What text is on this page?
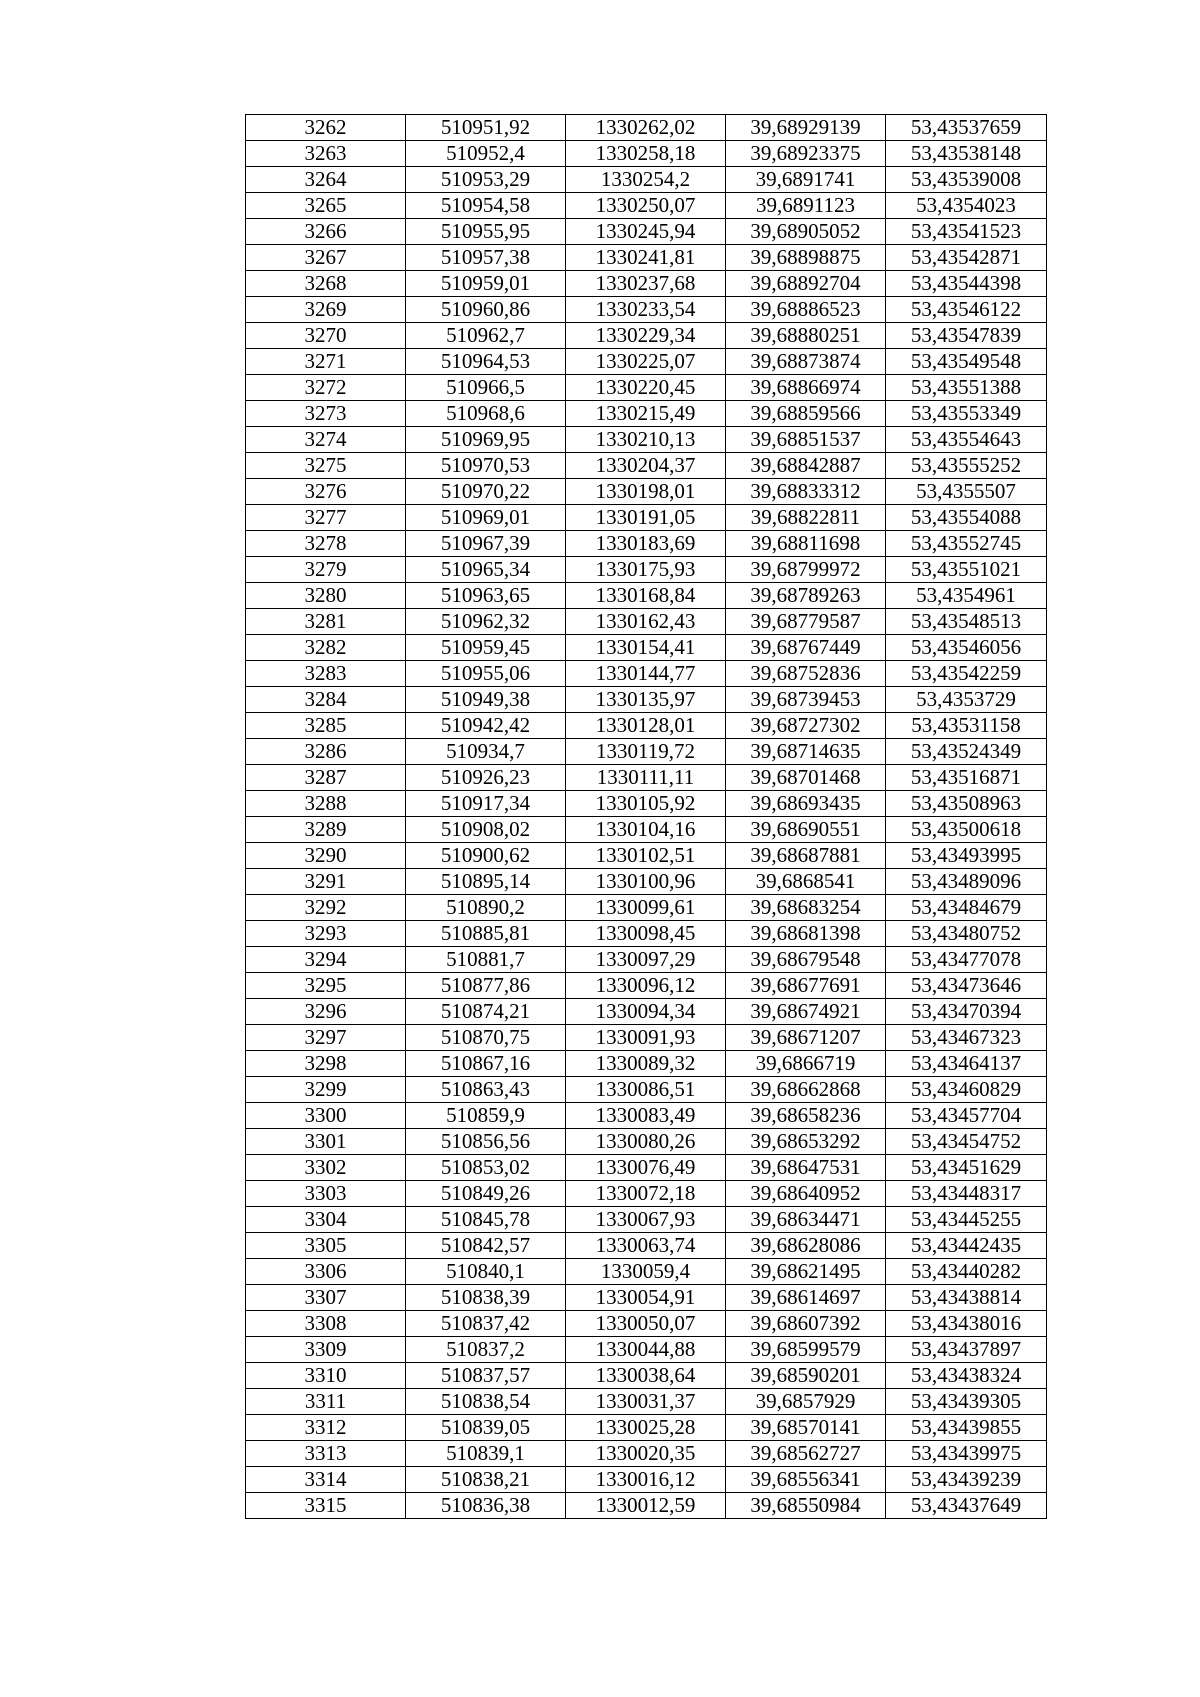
3262	510951,92	1330262,02	39,68929139	53,43537659
3263	510952,4	1330258,18	39,68923375	53,43538148
3264	510953,29	1330254,2	39,6891741	53,43539008
3265	510954,58	1330250,07	39,6891123	53,4354023
3266	510955,95	1330245,94	39,68905052	53,43541523
3267	510957,38	1330241,81	39,68898875	53,43542871
3268	510959,01	1330237,68	39,68892704	53,43544398
3269	510960,86	1330233,54	39,68886523	53,43546122
3270	510962,7	1330229,34	39,68880251	53,43547839
3271	510964,53	1330225,07	39,68873874	53,43549548
3272	510966,5	1330220,45	39,68866974	53,43551388
3273	510968,6	1330215,49	39,68859566	53,43553349
3274	510969,95	1330210,13	39,68851537	53,43554643
3275	510970,53	1330204,37	39,68842887	53,43555252
3276	510970,22	1330198,01	39,68833312	53,4355507
3277	510969,01	1330191,05	39,68822811	53,43554088
3278	510967,39	1330183,69	39,68811698	53,43552745
3279	510965,34	1330175,93	39,68799972	53,43551021
3280	510963,65	1330168,84	39,68789263	53,4354961
3281	510962,32	1330162,43	39,68779587	53,43548513
3282	510959,45	1330154,41	39,68767449	53,43546056
3283	510955,06	1330144,77	39,68752836	53,43542259
3284	510949,38	1330135,97	39,68739453	53,4353729
3285	510942,42	1330128,01	39,68727302	53,43531158
3286	510934,7	1330119,72	39,68714635	53,43524349
3287	510926,23	1330111,11	39,68701468	53,43516871
3288	510917,34	1330105,92	39,68693435	53,43508963
3289	510908,02	1330104,16	39,68690551	53,43500618
3290	510900,62	1330102,51	39,68687881	53,43493995
3291	510895,14	1330100,96	39,6868541	53,43489096
3292	510890,2	1330099,61	39,68683254	53,43484679
3293	510885,81	1330098,45	39,68681398	53,43480752
3294	510881,7	1330097,29	39,68679548	53,43477078
3295	510877,86	1330096,12	39,68677691	53,43473646
3296	510874,21	1330094,34	39,68674921	53,43470394
3297	510870,75	1330091,93	39,68671207	53,43467323
3298	510867,16	1330089,32	39,6866719	53,43464137
3299	510863,43	1330086,51	39,68662868	53,43460829
3300	510859,9	1330083,49	39,68658236	53,43457704
3301	510856,56	1330080,26	39,68653292	53,43454752
3302	510853,02	1330076,49	39,68647531	53,43451629
3303	510849,26	1330072,18	39,68640952	53,43448317
3304	510845,78	1330067,93	39,68634471	53,43445255
3305	510842,57	1330063,74	39,68628086	53,43442435
3306	510840,1	1330059,4	39,68621495	53,43440282
3307	510838,39	1330054,91	39,68614697	53,43438814
3308	510837,42	1330050,07	39,68607392	53,43438016
3309	510837,2	1330044,88	39,68599579	53,43437897
3310	510837,57	1330038,64	39,68590201	53,43438324
3311	510838,54	1330031,37	39,6857929	53,43439305
3312	510839,05	1330025,28	39,68570141	53,43439855
3313	510839,1	1330020,35	39,68562727	53,43439975
3314	510838,21	1330016,12	39,68556341	53,43439239
3315	510836,38	1330012,59	39,68550984	53,43437649
